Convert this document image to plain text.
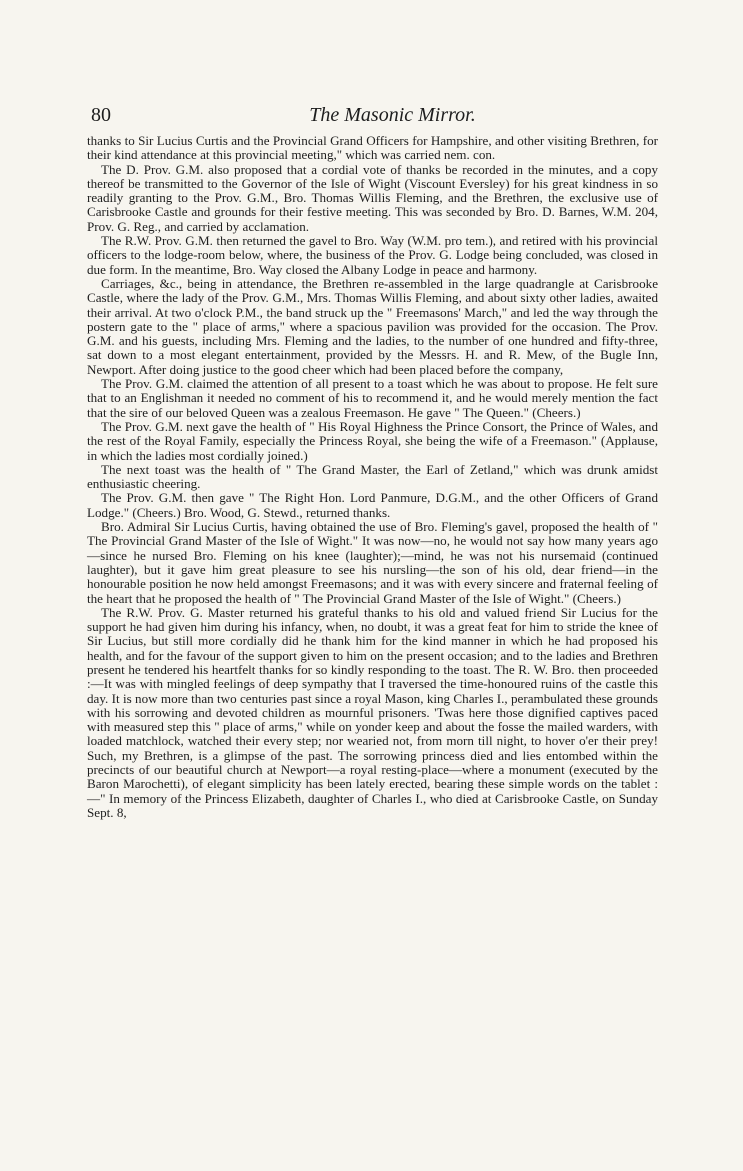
80	The Masonic Mirror.

thanks to Sir Lucius Curtis and the Provincial Grand Officers for Hampshire, and other visiting Brethren, for their kind attendance at this provincial meeting," which was carried nem. con.

The D. Prov. G.M. also proposed that a cordial vote of thanks be recorded in the minutes, and a copy thereof be transmitted to the Governor of the Isle of Wight (Viscount Eversley) for his great kindness in so readily granting to the Prov. G.M., Bro. Thomas Willis Fleming, and the Brethren, the exclusive use of Carisbrooke Castle and grounds for their festive meeting. This was seconded by Bro. D. Barnes, W.M. 204, Prov. G. Reg., and carried by acclamation.

The R.W. Prov. G.M. then returned the gavel to Bro. Way (W.M. pro tem.), and retired with his provincial officers to the lodge-room below, where, the business of the Prov. G. Lodge being concluded, was closed in due form. In the meantime, Bro. Way closed the Albany Lodge in peace and harmony.

Carriages, &c., being in attendance, the Brethren re-assembled in the large quadrangle at Carisbrooke Castle, where the lady of the Prov. G.M., Mrs. Thomas Willis Fleming, and about sixty other ladies, awaited their arrival. At two o'clock P.M., the band struck up the " Freemasons' March," and led the way through the postern gate to the " place of arms," where a spacious pavilion was provided for the occasion. The Prov. G.M. and his guests, including Mrs. Fleming and the ladies, to the number of one hundred and fifty-three, sat down to a most elegant entertainment, provided by the Messrs. H. and R. Mew, of the Bugle Inn, Newport. After doing justice to the good cheer which had been placed before the company,

The Prov. G.M. claimed the attention of all present to a toast which he was about to propose. He felt sure that to an Englishman it needed no comment of his to recommend it, and he would merely mention the fact that the sire of our beloved Queen was a zealous Freemason. He gave " The Queen." (Cheers.)

The Prov. G.M. next gave the health of " His Royal Highness the Prince Consort, the Prince of Wales, and the rest of the Royal Family, especially the Princess Royal, she being the wife of a Freemason." (Applause, in which the ladies most cordially joined.)

The next toast was the health of " The Grand Master, the Earl of Zetland," which was drunk amidst enthusiastic cheering.

The Prov. G.M. then gave " The Right Hon. Lord Panmure, D.G.M., and the other Officers of Grand Lodge." (Cheers.) Bro. Wood, G. Stewd., returned thanks.

Bro. Admiral Sir Lucius Curtis, having obtained the use of Bro. Fleming's gavel, proposed the health of " The Provincial Grand Master of the Isle of Wight." It was now—no, he would not say how many years ago—since he nursed Bro. Fleming on his knee (laughter);—mind, he was not his nursemaid (continued laughter), but it gave him great pleasure to see his nursling—the son of his old, dear friend—in the honourable position he now held amongst Freemasons; and it was with every sincere and fraternal feeling of the heart that he proposed the health of " The Provincial Grand Master of the Isle of Wight." (Cheers.)

The R.W. Prov. G. Master returned his grateful thanks to his old and valued friend Sir Lucius for the support he had given him during his infancy, when, no doubt, it was a great feat for him to stride the knee of Sir Lucius, but still more cordially did he thank him for the kind manner in which he had proposed his health, and for the favour of the support given to him on the present occasion; and to the ladies and Brethren present he tendered his heartfelt thanks for so kindly responding to the toast. The R. W. Bro. then proceeded :—It was with mingled feelings of deep sympathy that I traversed the time-honoured ruins of the castle this day. It is now more than two centuries past since a royal Mason, king Charles I., perambulated these grounds with his sorrowing and devoted children as mournful prisoners. 'Twas here those dignified captives paced with measured step this " place of arms," while on yonder keep and about the fosse the mailed warders, with loaded matchlock, watched their every step; nor wearied not, from morn till night, to hover o'er their prey! Such, my Brethren, is a glimpse of the past. The sorrowing princess died and lies entombed within the precincts of our beautiful church at Newport—a royal resting-place—where a monument (executed by the Baron Marochetti), of elegant simplicity has been lately erected, bearing these simple words on the tablet :—" In memory of the Princess Elizabeth, daughter of Charles I., who died at Carisbrooke Castle, on Sunday Sept. 8,
